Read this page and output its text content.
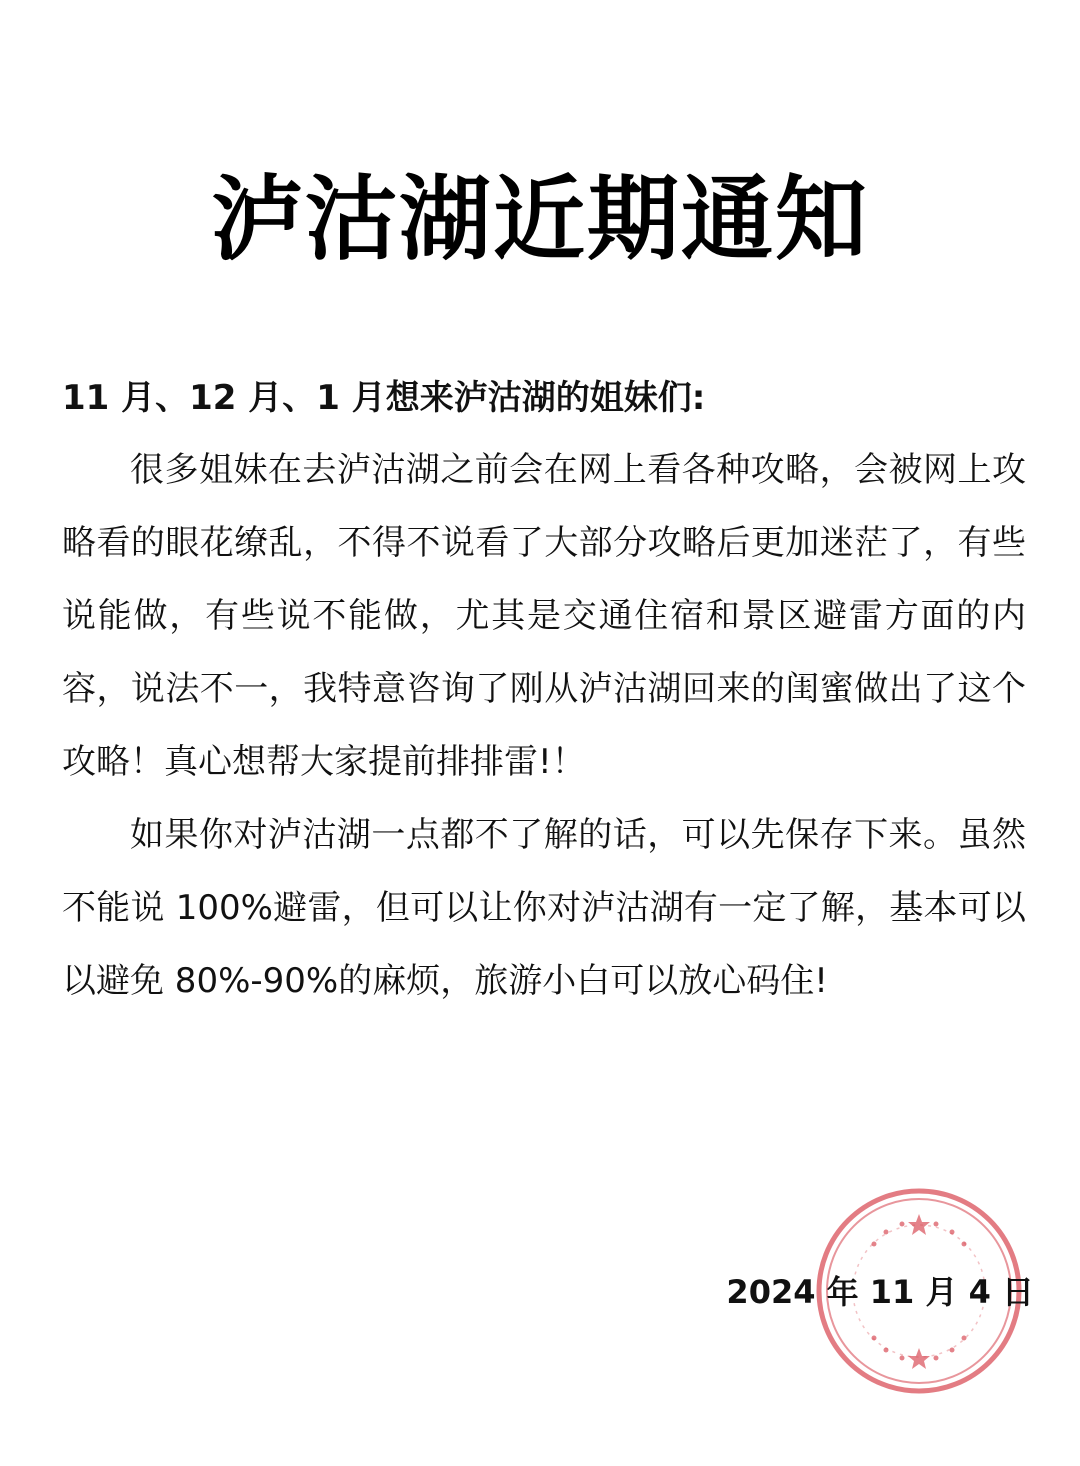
泸沽湖近期通知

11 月、12 月、1 月想来泸沽湖的姐妹们:

很多姐妹在去泸沽湖之前会在网上看各种攻略，会被网上攻略看的眼花缭乱，不得不说看了大部分攻略后更加迷茫了，有些说能做，有些说不能做，尤其是交通住宿和景区避雷方面的内容，说法不一，我特意咨询了刚从泸沽湖回来的闺蜜做出了这个攻略！真心想帮大家提前排排雷!！

如果你对泸沽湖一点都不了解的话，可以先保存下来。虽然不能说 100%避雷，但可以让你对泸沽湖有一定了解，基本可以以避免 80%-90%的麻烦，旅游小白可以放心码住!

2024 年 11 月 4 日
